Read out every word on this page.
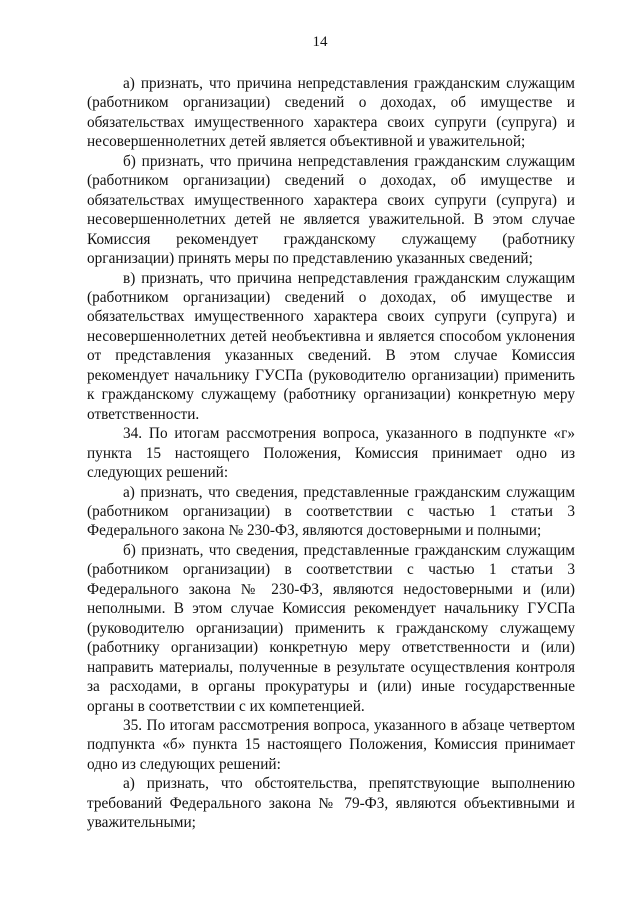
14

а) признать, что причина непредставления гражданским служащим (работником организации) сведений о доходах, об имуществе и обязательствах имущественного характера своих супруги (супруга) и несовершеннолетних детей является объективной и уважительной;

б) признать, что причина непредставления гражданским служащим (работником организации) сведений о доходах, об имуществе и обязательствах имущественного характера своих супруги (супруга) и несовершеннолетних детей не является уважительной. В этом случае Комиссия рекомендует гражданскому служащему (работнику организации) принять меры по представлению указанных сведений;

в) признать, что причина непредставления гражданским служащим (работником организации) сведений о доходах, об имуществе и обязательствах имущественного характера своих супруги (супруга) и несовершеннолетних детей необъективна и является способом уклонения от представления указанных сведений. В этом случае Комиссия рекомендует начальнику ГУСПа (руководителю организации) применить к гражданскому служащему (работнику организации) конкретную меру ответственности.

34. По итогам рассмотрения вопроса, указанного в подпункте «г» пункта 15 настоящего Положения, Комиссия принимает одно из следующих решений:

а) признать, что сведения, представленные гражданским служащим (работником организации) в соответствии с частью 1 статьи 3 Федерального закона № 230-ФЗ, являются достоверными и полными;

б) признать, что сведения, представленные гражданским служащим (работником организации) в соответствии с частью 1 статьи 3 Федерального закона № 230-ФЗ, являются недостоверными и (или) неполными. В этом случае Комиссия рекомендует начальнику ГУСПа (руководителю организации) применить к гражданскому служащему (работнику организации) конкретную меру ответственности и (или) направить материалы, полученные в результате осуществления контроля за расходами, в органы прокуратуры и (или) иные государственные органы в соответствии с их компетенцией.

35. По итогам рассмотрения вопроса, указанного в абзаце четвертом подпункта «б» пункта 15 настоящего Положения, Комиссия принимает одно из следующих решений:

а) признать, что обстоятельства, препятствующие выполнению требований Федерального закона № 79-ФЗ, являются объективными и уважительными;
